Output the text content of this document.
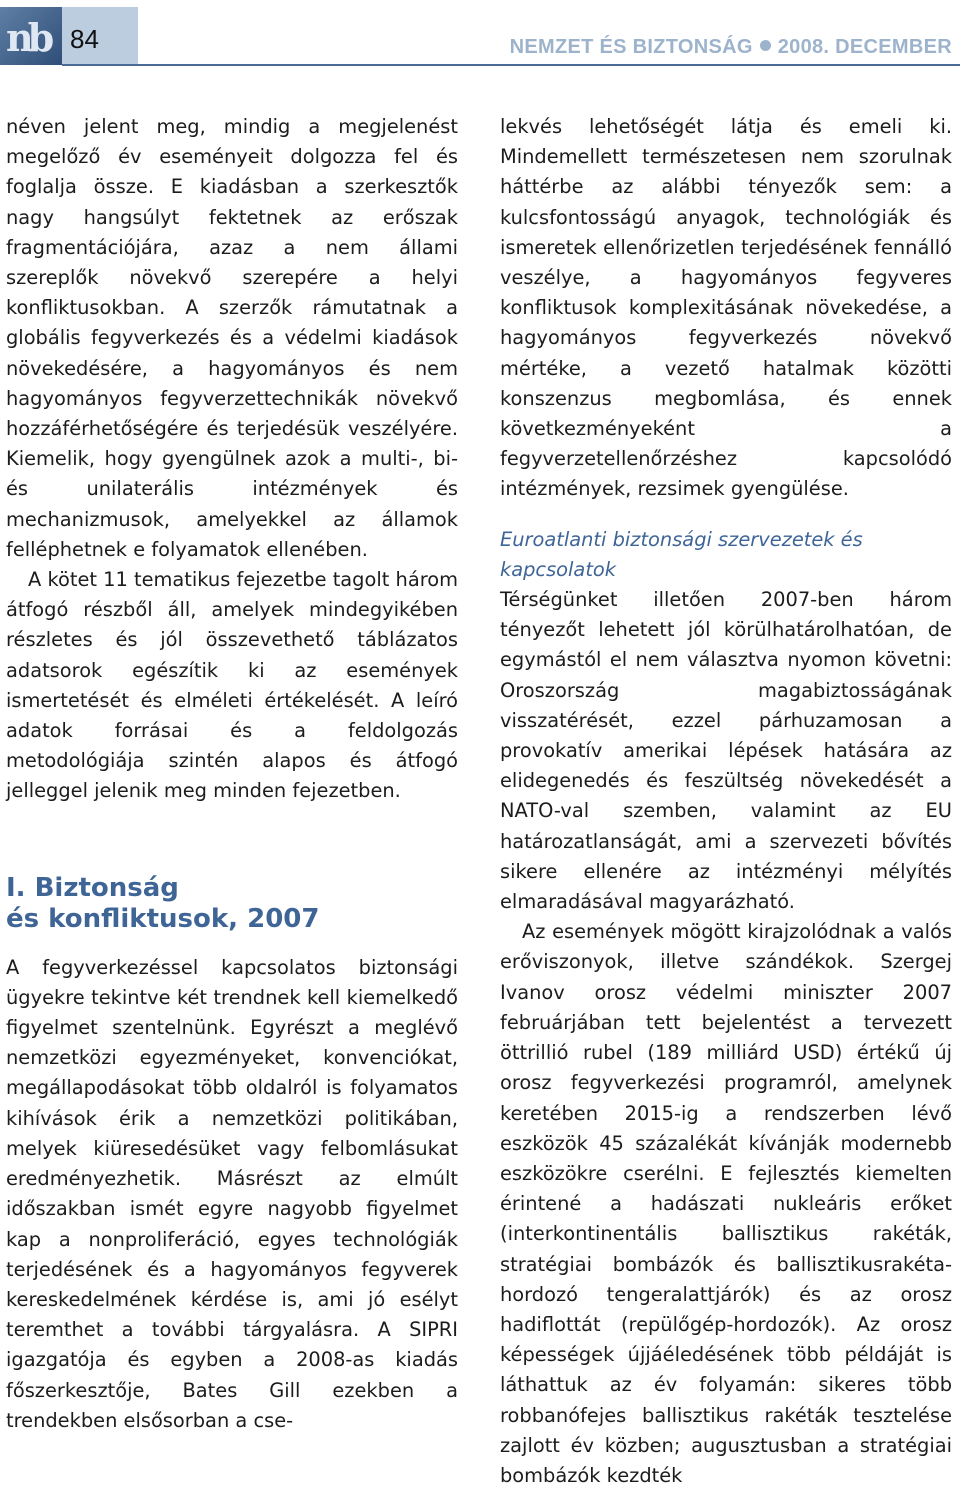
nb 84	NEMZET ÉS BIZTONSÁG 2008. DECEMBER

néven jelent meg, mindig a megjelenést megelőző év eseményeit dolgozza fel és foglalja össze. E kiadásban a szerkesztők nagy hangsúlyt fektetnek az erőszak fragmentációjára, azaz a nem állami szereplők növekvő szerepére a helyi konfliktusokban. A szerzők rámutatnak a globális fegyverkezés és a védelmi kiadások növekedésére, a hagyományos és nem hagyományos fegyverzettechnikák növekvő hozzáférhetőségére és terjedésük veszélyére. Kiemelik, hogy gyengülnek azok a multi-, bi- és unilaterális intézmények és mechanizmusok, amelyekkel az államok felléphetnek e folyamatok ellenében.

A kötet 11 tematikus fejezetbe tagolt három átfogó részből áll, amelyek mindegyikében részletes és jól összevethető táblázatos adatsorok egészítik ki az események ismertetését és elméleti értékelését. A leíró adatok forrásai és a feldolgozás metodológiája szintén alapos és átfogó jelleggel jelenik meg minden fejezetben.

I. Biztonság

és konfliktusok, 2007

A fegyverkezéssel kapcsolatos biztonsági ügyekre tekintve két trendnek kell kiemelkedő figyelmet szentelnünk. Egyrészt a meglévő nemzetközi egyezményeket, konvenciókat, megállapodásokat több oldalról is folyamatos kihívások érik a nemzetközi politikában, melyek kiüresedésüket vagy felbomlásukat eredményezhetik. Másrészt az elmúlt időszakban ismét egyre nagyobb figyelmet kap a nonproliferáció, egyes technológiák terjedésének és a hagyományos fegyverek kereskedelmének kérdése is, ami jó esélyt teremthet a további tárgyalásra. A SIPRI igazgatója és egyben a 2008-as kiadás főszerkesztője, Bates Gill ezekben a trendekben elsősorban a cse-

lekvés lehetőségét látja és emeli ki. Mindemellett természetesen nem szorulnak háttérbe az alábbi tényezők sem: a kulcsfontosságú anyagok, technológiák és ismeretek ellenőrizetlen terjedésének fennálló veszélye, a hagyományos fegyveres konfliktusok komplexitásának növekedése, a hagyományos fegyverkezés növekvő mértéke, a vezető hatalmak közötti konszenzus megbomlása, és ennek következményeként a fegyverzetellenőrzéshez kapcsolódó intézmények, rezsimek gyengülése.

Euroatlanti biztonsági szervezetek és kapcsolatok

Térségünket illetően 2007-ben három tényezőt lehetett jól körülhatárolhatóan, de egymástól el nem választva nyomon követni: Oroszország magabiztosságának visszatérését, ezzel párhuzamosan a provokatív amerikai lépések hatására az elidegenedés és feszültség növekedését a NATO-val szemben, valamint az EU határozatlanságát, ami a szervezeti bővítés sikere ellenére az intézményi mélyítés elmaradásával magyarázható.

Az események mögött kirajzolódnak a valós erőviszonyok, illetve szándékok. Szergej Ivanov orosz védelmi miniszter 2007 februárjában tett bejelentést a tervezett öttrillió rubel (189 milliárd USD) értékű új orosz fegyverkezési programról, amelynek keretében 2015-ig a rendszerben lévő eszközök 45 százalékát kívánják modernebb eszközökre cserélni. E fejlesztés kiemelten érintené a hadászati nukleáris erőket (interkontinentális ballisztikus rakéták, stratégiai bombázók és ballisztikusrakéta-hordozó tengeralattjárók) és az orosz hadiflottát (repülőgép-hordozók). Az orosz képességek újjáéledésének több példáját is láthattuk az év folyamán: sikeres több robbanófejes ballisztikus rakéták tesztelése zajlott év közben; augusztusban a stratégiai bombázók kezdték
